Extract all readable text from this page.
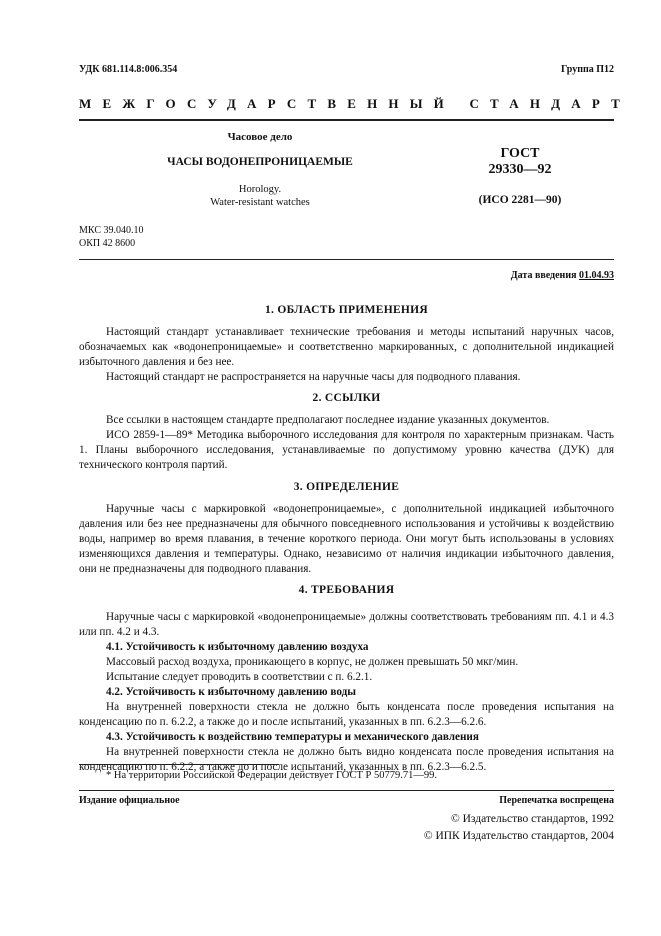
УДК 681.114.8:006.354	Группа П12
МЕЖГОСУДАРСТВЕННЫЙ СТАНДАРТ
Часовое дело
ЧАСЫ ВОДОНЕПРОНИЦАЕМЫЕ
Horology.
Water-resistant watches
ГОСТ
29330—92
(ИСО 2281—90)
МКС 39.040.10
ОКП 42 8600
Дата введения 01.04.93
1. ОБЛАСТЬ ПРИМЕНЕНИЯ

Настоящий стандарт устанавливает технические требования и методы испытаний наручных часов, обозначаемых как «водонепроницаемые» и соответственно маркированных, с дополнительной индикацией избыточного давления и без нее.

Настоящий стандарт не распространяется на наручные часы для подводного плавания.

2. ССЫЛКИ

Все ссылки в настоящем стандарте предполагают последнее издание указанных документов.

ИСО 2859-1—89* Методика выборочного исследования для контроля по характерным признакам. Часть 1. Планы выборочного исследования, устанавливаемые по допустимому уровню качества (ДУК) для технического контроля партий.

3. ОПРЕДЕЛЕНИЕ

Наручные часы с маркировкой «водонепроницаемые», с дополнительной индикацией избыточного давления или без нее предназначены для обычного повседневного использования и устойчивы к воздействию воды, например во время плавания, в течение короткого периода. Они могут быть использованы в условиях изменяющихся давления и температуры. Однако, независимо от наличия индикации избыточного давления, они не предназначены для подводного плавания.

4. ТРЕБОВАНИЯ

Наручные часы с маркировкой «водонепроницаемые» должны соответствовать требованиям пп. 4.1 и 4.3 или пп. 4.2 и 4.3.

4.1. Устойчивость к избыточному давлению воздуха

Массовый расход воздуха, проникающего в корпус, не должен превышать 50 мкг/мин.

Испытание следует проводить в соответствии с п. 6.2.1.

4.2. Устойчивость к избыточному давлению воды

На внутренней поверхности стекла не должно быть конденсата после проведения испытания на конденсацию по п. 6.2.2, а также до и после испытаний, указанных в пп. 6.2.3—6.2.6.

4.3. Устойчивость к воздействию температуры и механического давления

На внутренней поверхности стекла не должно быть видно конденсата после проведения испытания на конденсацию по п. 6.2.2, а также до и после испытаний, указанных в пп. 6.2.3—6.2.5.

* На территории Российской Федерации действует ГОСТ Р 50779.71—99.
Издание официальное	Перепечатка воспрещена
© Издательство стандартов, 1992
© ИПК Издательство стандартов, 2004
